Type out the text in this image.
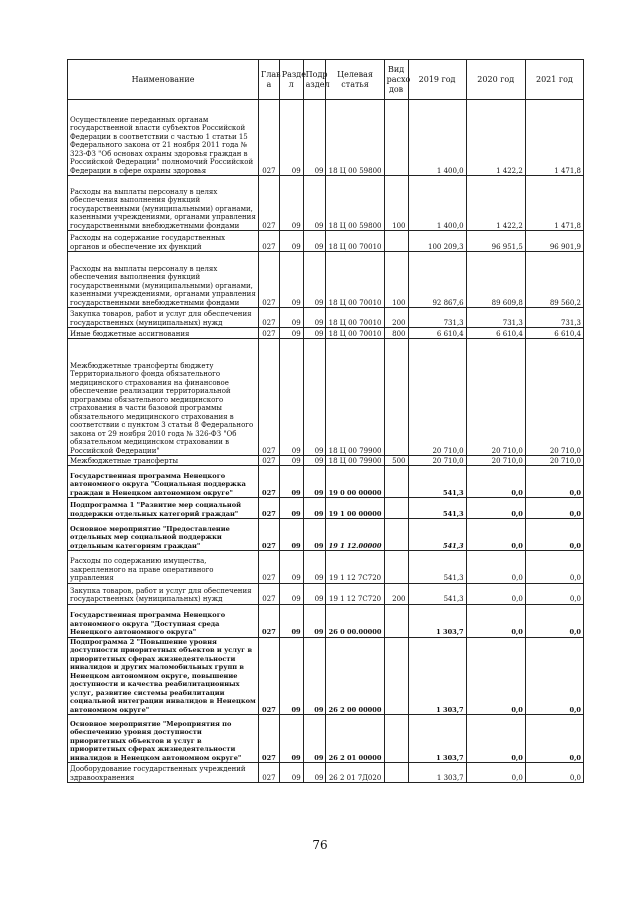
Наименование	Глав а	Разде л	Подр аздел	Целевая статья	Вид расхо дов	2019 год	2020 год	2021 год
Осуществление переданных органам государственной власти субъектов Российской Федерации в соответствии с частью 1 статьи 15 Федерального закона от 21 ноября 2011 года № 323-ФЗ "Об основах охраны здоровья граждан в Российской Федерации" полномочий Российской Федерации в сфере охраны здоровья	027	09	09	18 Ц 00 59800		1 400,0	1 422,2	1 471,8
Расходы на выплаты персоналу в целях обеспечения выполнения функций государственными (муниципальными) органами, казенными учреждениями, органами управления государственными внебюджетными фондами	027	09	09	18 Ц 00 59800	100	1 400,0	1 422,2	1 471,8
Расходы на содержание государственных органов и обеспечение их функций	027	09	09	18 Ц 00 70010		100 209,3	96 951,5	96 901,9
Расходы на выплаты персоналу в целях обеспечения выполнения функций государственными (муниципальными) органами, казенными учреждениями, органами управления государственными внебюджетными фондами	027	09	09	18 Ц 00 70010	100	92 867,6	89 609,8	89 560,2
Закупка товаров, работ и услуг для обеспечения государственных (муниципальных) нужд	027	09	09	18 Ц 00 70010	200	731,3	731,3	731,3
Иные бюджетные ассигнования	027	09	09	18 Ц 00 70010	800	6 610,4	6 610,4	6 610,4
Межбюджетные трансферты бюджету Территориального фонда обязательного медицинского страхования на финансовое обеспечение реализации территориальной программы обязательного медицинского страхования в части базовой программы обязательного медицинского страхования в соответствии с пунктом 3 статьи 8 Федерального закона от 29 ноября 2010 года № 326-ФЗ "Об обязательном медицинском страховании в Российской Федерации"	027	09	09	18 Ц 00 79900		20 710,0	20 710,0	20 710,0
Межбюджетные трансферты	027	09	09	18 Ц 00 79900	500	20 710,0	20 710,0	20 710,0
Государственная программа Ненецкого автономного округа "Социальная поддержка граждан в Ненецком автономном округе"	027	09	09	19 0 00 00000		541,3	0,0	0,0
Подпрограмма 1 "Развитие мер социальной поддержки отдельных категорий граждан"	027	09	09	19 1 00 00000		541,3	0,0	0,0
Основное мероприятие "Предоставление отдельных мер социальной поддержки отдельным категориям граждан"	027	09	09	19 1 12.00000		541,3	0,0	0,0
Расходы по содержанию имущества, закрепленного на праве оперативного управления	027	09	09	19 1 12 7С720		541,3	0,0	0,0
Закупка товаров, работ и услуг для обеспечения государственных (муниципальных) нужд	027	09	09	19 1 12 7С720	200	541,3	0,0	0,0
Государственная программа Ненецкого автономного округа "Доступная среда Ненецкого автономного округа"	027	09	09	26 0 00.00000		1 303,7	0,0	0,0
Подпрограмма 2 "Повышение уровня доступности приоритетных объектов и услуг в приоритетных сферах жизнедеятельности инвалидов и других маломобильных групп в Ненецком автономном округе, повышение доступности и качества реабилитационных услуг, развитие системы реабилитации социальной интеграции инвалидов в Ненецком автономном округе"	027	09	09	26 2 00 00000		1 303,7	0,0	0,0
Основное мероприятие "Мероприятия по обеспечению уровня доступности приоритетных объектов и услуг в приоритетных сферах жизнедеятельности инвалидов в Ненецком автономном округе"	027	09	09	26 2 01 00000		1 303,7	0,0	0,0
Дооборудование государственных учреждений здравоохранения	027	09	09	26 2 01 7Д020		1 303,7	0,0	0,0
76
